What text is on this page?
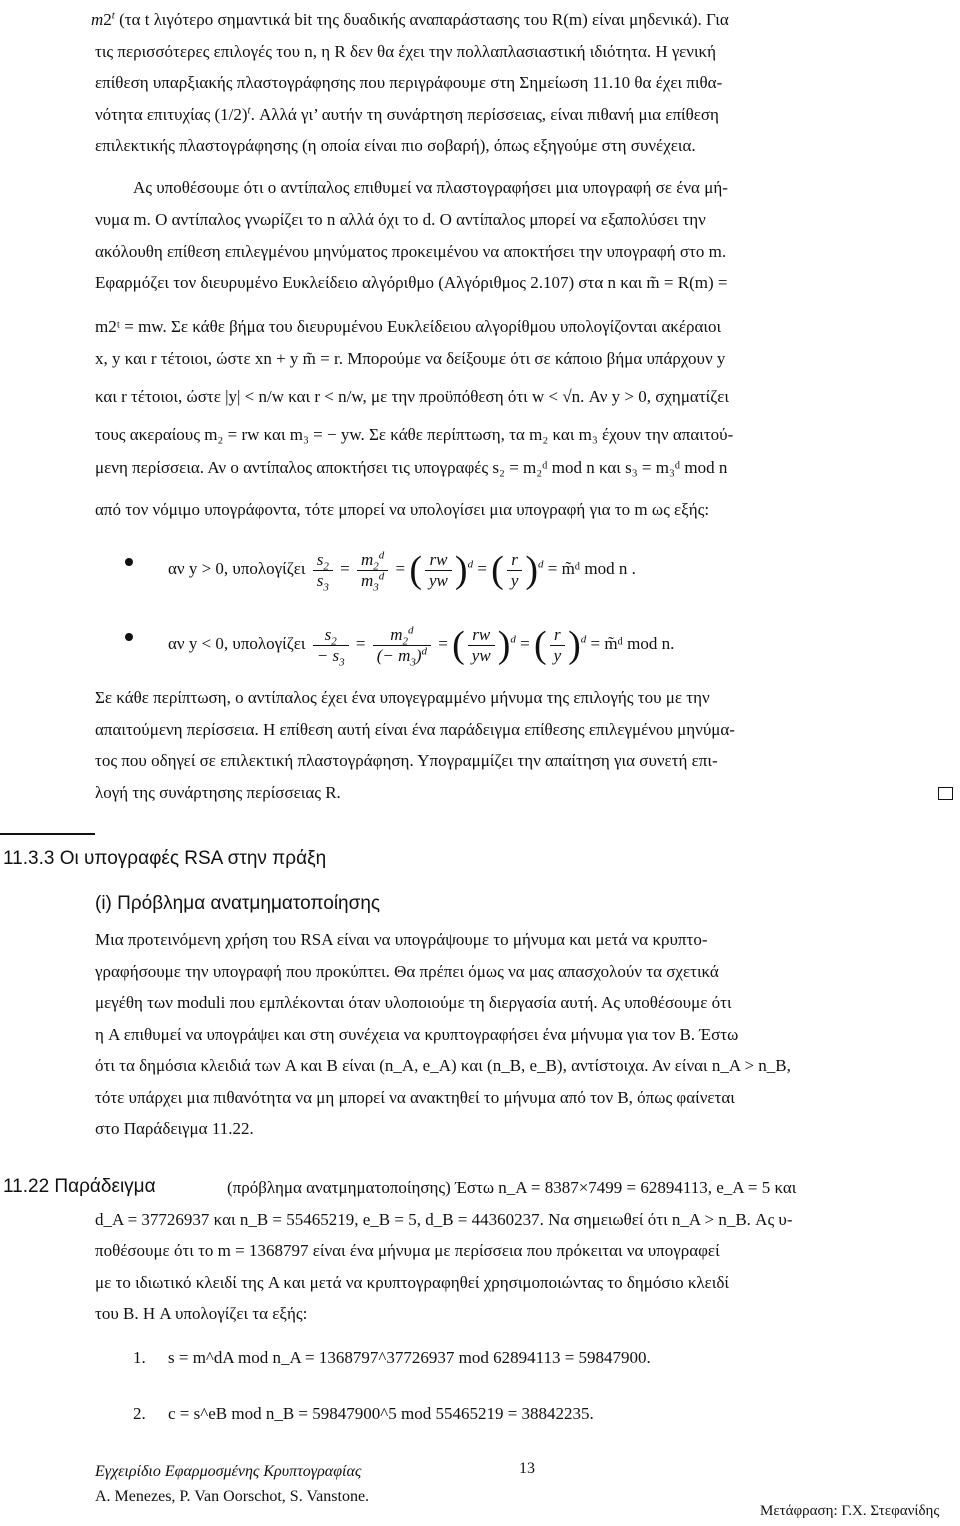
m2$^t$ (τα t λιγότερο σημαντικά bit της δυαδικής αναπαράστασης του R(m) είναι μηδενικά). Για

τις περισσότερες επιλογές του n, η R δεν θα έχει την πολλαπλασιαστική ιδιότητα. Η γενική

επίθεση υπαρξιακής πλαστογράφησης που περιγράφουμε στη Σημείωση 11.10 θα έχει πιθα-

νότητα επιτυχίας $(1/2)^t$. Αλλά γι’ αυτήν τη συνάρτηση περίσσειας, είναι πιθανή μια επίθεση

επιλεκτικής πλαστογράφησης (η οποία είναι πιο σοβαρή), όπως εξηγούμε στη συνέχεια.

Ας υποθέσουμε ότι ο αντίπαλος επιθυμεί να πλαστογραφήσει μια υπογραφή σε ένα μή-

νυμα m. Ο αντίπαλος γνωρίζει το n αλλά όχι το d. Ο αντίπαλος μπορεί να εξαπολύσει την

ακόλουθη επίθεση επιλεγμένου μηνύματος προκειμένου να αποκτήσει την υπογραφή στο m.

Εφαρμόζει τον διευρυμένο Ευκλείδειο αλγόριθμο (Αλγόριθμος 2.107) στα n και m̃ = R(m) =

m2ᵗ = mw. Σε κάθε βήμα του διευρυμένου Ευκλείδειου αλγορίθμου υπολογίζονται ακέραιοι

x, y και r τέτοιοι, ώστε xn + y m̃ = r. Μπορούμε να δείξουμε ότι σε κάποιο βήμα υπάρχουν y

και r τέτοιοι, ώστε |y| < n/w και r < n/w, με την προϋπόθεση ότι w < √n. Αν y > 0, σχηματίζει

τους ακεραίους m₂ = rw και m₃ = − yw. Σε κάθε περίπτωση, τα m₂ και m₃ έχουν την απαιτού-

μενη περίσσεια. Αν ο αντίπαλος αποκτήσει τις υπογραφές s₂ = m₂ᵈ mod n και s₃ = m₃ᵈ mod n

από τον νόμιμο υπογράφοντα, τότε μπορεί να υπολογίσει μια υπογραφή για το m ως εξής:

αν y > 0, υπολογίζει $\frac{s_2}{s_3} = \frac{m_2^d}{m_3^d}$ = ( $\frac{rw}{yw} )^d$ = ( $\frac{r}{y} )^d$ = m̃ᵈ mod n .
αν y < 0, υπολογίζει $\frac{s_2}{- s_3} = \frac{m_2^d}{(- m_3)^d}$ = ( $\frac{rw}{yw} )^d$ = ( $\frac{r}{y} )^d$ = m̃ᵈ mod n.

Σε κάθε περίπτωση, ο αντίπαλος έχει ένα υπογεγραμμένο μήνυμα της επιλογής του με την

απαιτούμενη περίσσεια. Η επίθεση αυτή είναι ένα παράδειγμα επίθεσης επιλεγμένου μηνύμα-

τος που οδηγεί σε επιλεκτική πλαστογράφηση. Υπογραμμίζει την απαίτηση για συνετή επι-

λογή της συνάρτησης περίσσειας R.

11.3.3 Οι υπογραφές RSA στην πράξη
(i) Πρόβλημα ανατμηματοποίησης

Μια προτεινόμενη χρήση του RSA είναι να υπογράψουμε το μήνυμα και μετά να κρυπτο-

γραφήσουμε την υπογραφή που προκύπτει. Θα πρέπει όμως να μας απασχολούν τα σχετικά

μεγέθη των moduli που εμπλέκονται όταν υλοποιούμε τη διεργασία αυτή. Ας υποθέσουμε ότι

η A επιθυμεί να υπογράψει και στη συνέχεια να κρυπτογραφήσει ένα μήνυμα για τον B. Έστω

ότι τα δημόσια κλειδιά των A και B είναι (n_A, e_A) και (n_B, e_B), αντίστοιχα. Αν είναι n_A > n_B,

τότε υπάρχει μια πιθανότητα να μη μπορεί να ανακτηθεί το μήνυμα από τον B, όπως φαίνεται

στο Παράδειγμα 11.22.

11.22 Παράδειγμα	(πρόβλημα ανατμηματοποίησης) Έστω n_A = 8387×7499 = 62894113, e_A = 5 και

d_A = 37726937 και n_B = 55465219, e_B = 5, d_B = 44360237. Να σημειωθεί ότι n_A > n_B. Ας υ-

ποθέσουμε ότι το m = 1368797 είναι ένα μήνυμα με περίσσεια που πρόκειται να υπογραφεί

με το ιδιωτικό κλειδί της A και μετά να κρυπτογραφηθεί χρησιμοποιώντας το δημόσιο κλειδί

του B. Η A υπολογίζει τα εξής:

1. s = m^dA mod n_A = 1368797^37726937 mod 62894113 = 59847900.
2. c = s^eB mod n_B = 59847900^5 mod 55465219 = 38842235.
Εγχειρίδιο Εφαρμοσμένης Κρυπτογραφίας
A. Menezes, P. Van Oorschot, S. Vanstone.
13
Μετάφραση: Γ.Χ. Στεφανίδης
